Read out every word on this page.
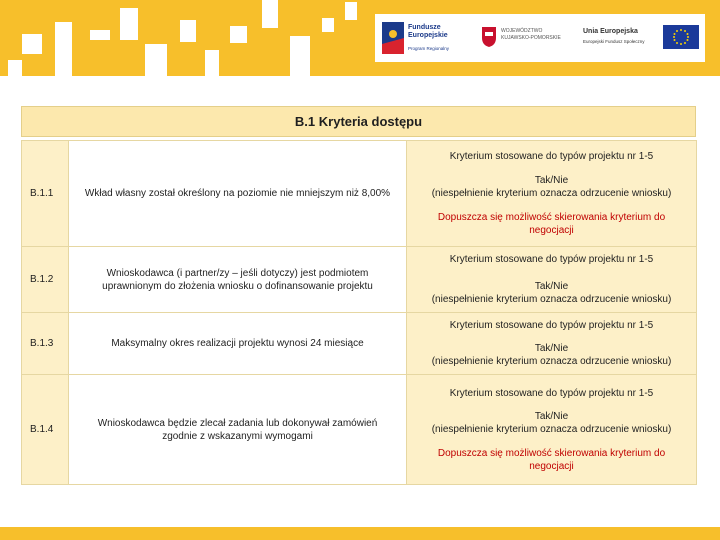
Fundusze
Europejskie
Program Regionalny
WOJEWÓDZTWO
KUJAWSKO-POMORSKIE
Unia Europejska
Europejski Fundusz Społeczny
B.1 Kryteria dostępu
B.1.1	Wkład własny został określony na poziomie nie mniejszym niż 8,00%	Kryterium stosowane do typów projektu nr 1-5
Tak/Nie
(niespełnienie kryterium oznacza odrzucenie wniosku)
Dopuszcza się możliwość skierowania kryterium do negocjacji

B.1.2	Wnioskodawca (i partner/zy – jeśli dotyczy) jest podmiotem uprawnionym do złożenia wniosku o dofinansowanie projektu	Kryterium stosowane do typów projektu nr 1-5
Tak/Nie
(niespełnienie kryterium oznacza odrzucenie wniosku)

B.1.3	Maksymalny okres realizacji projektu wynosi 24 miesiące	Kryterium stosowane do typów projektu nr 1-5
Tak/Nie
(niespełnienie kryterium oznacza odrzucenie wniosku)

B.1.4	Wnioskodawca będzie zlecał zadania lub dokonywał zamówień zgodnie z wskazanymi wymogami	Kryterium stosowane do typów projektu nr 1-5
Tak/Nie
(niespełnienie kryterium oznacza odrzucenie wniosku)
Dopuszcza się możliwość skierowania kryterium do negocjacji
